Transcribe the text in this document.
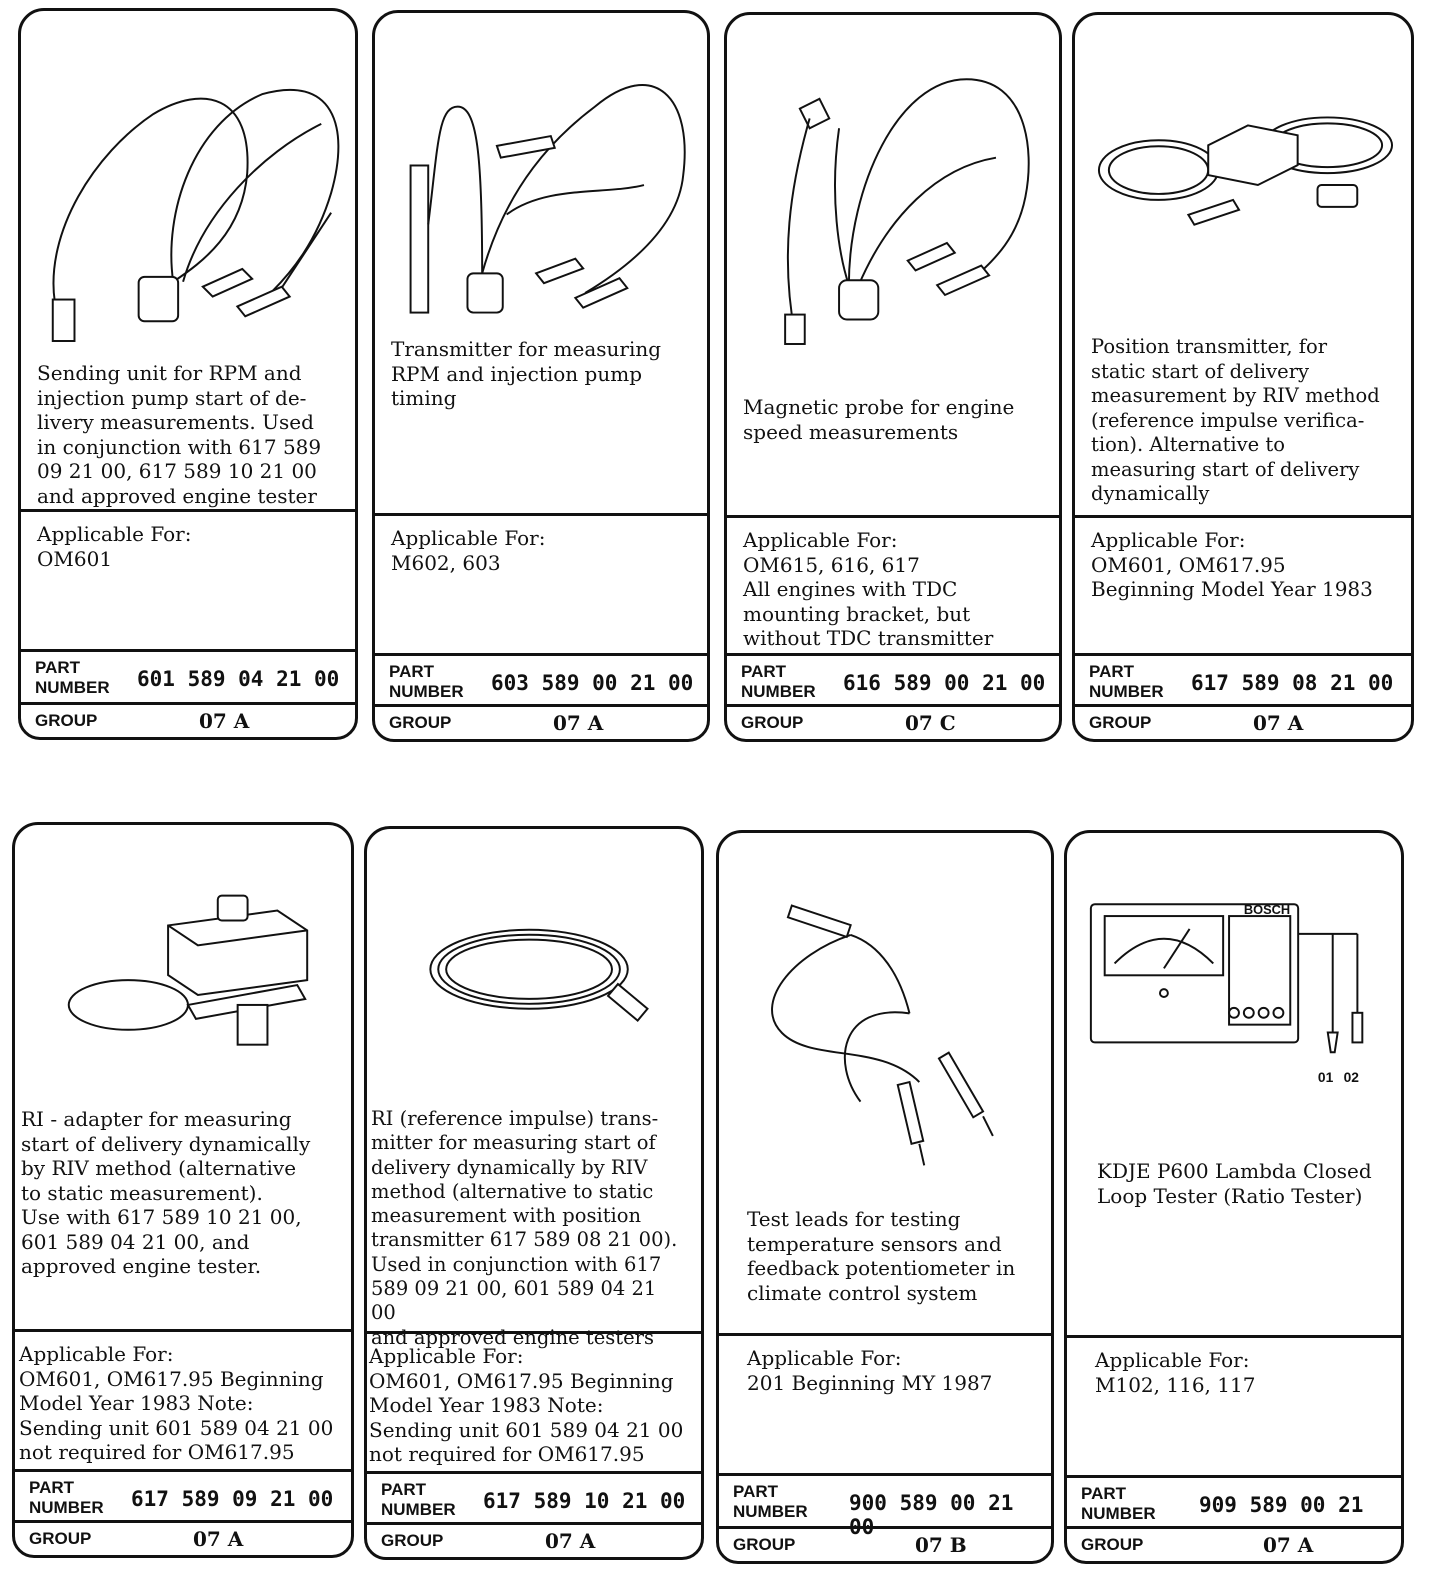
Sending unit for RPM and
injection pump start of de-
livery measurements. Used
in conjunction with 617 589
09 21 00, 617 589 10 21 00
and approved engine tester
Applicable For:
OM601
PART
NUMBER 601 589 04 21 00
GROUP	07 A
Transmitter for measuring
RPM and injection pump
timing
Applicable For:
M602, 603
PART
NUMBER 603 589 00 21 00
GROUP	07 A
Magnetic probe for engine
speed measurements
Applicable For:
OM615, 616, 617
All engines with TDC
mounting bracket, but
without TDC transmitter
PART
NUMBER 616 589 00 21 00
GROUP	07 C
Position transmitter, for
static start of delivery
measurement by RIV method
(reference impulse verifica-
tion). Alternative to
measuring start of delivery
dynamically
Applicable For:
OM601, OM617.95
Beginning Model Year 1983
PART
NUMBER 617 589 08 21 00
GROUP	07 A
RI - adapter for measuring
start of delivery dynamically
by RIV method (alternative
to static measurement).
Use with 617 589 10 21 00,
601 589 04 21 00, and
approved engine tester.
Applicable For:
OM601, OM617.95 Beginning
Model Year 1983 Note:
Sending unit 601 589 04 21 00
not required for OM617.95
PART
NUMBER 617 589 09 21 00
GROUP	07 A
RI (reference impulse) trans-
mitter for measuring start of
delivery dynamically by RIV
method (alternative to static
measurement with position
transmitter 617 589 08 21 00).
Used in conjunction with 617
589 09 21 00, 601 589 04 21 00
and approved engine testers
Applicable For:
OM601, OM617.95 Beginning
Model Year 1983 Note:
Sending unit 601 589 04 21 00
not required for OM617.95
PART
NUMBER 617 589 10 21 00
GROUP	07 A
Test leads for testing
temperature sensors and
feedback potentiometer in
climate control system
Applicable For:
201 Beginning MY 1987
PART
NUMBER 900 589 00 21 00
GROUP	07 B
BOSCH
01 02
KDJE P600 Lambda Closed
Loop Tester (Ratio Tester)
Applicable For:
M102, 116, 117
PART
NUMBER 909 589 00 21
GROUP	07 A
